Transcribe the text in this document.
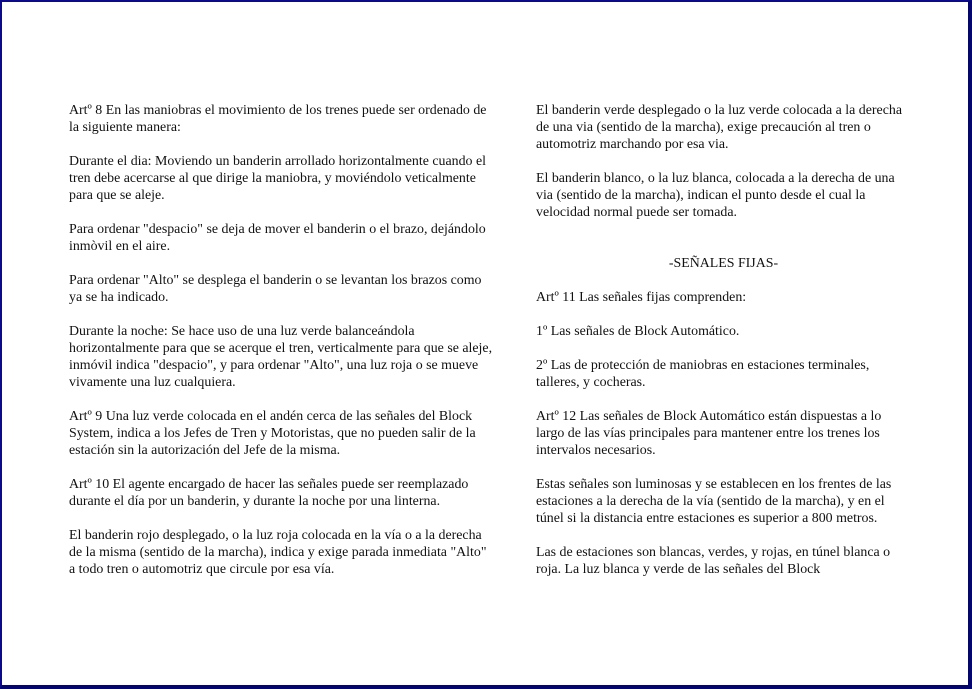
Artº 8 En las maniobras el movimiento de los trenes puede ser ordenado de la siguiente manera:

Durante el dia: Moviendo un banderin arrollado horizontalmente cuando el tren debe acercarse al que dirige la maniobra, y moviéndolo veticalmente para que se aleje.

Para ordenar "despacio" se deja de mover el banderin o el brazo, dejándolo inmòvil en el aire.

Para ordenar "Alto" se desplega el banderin o se levantan los brazos como ya se ha indicado.

Durante la noche: Se hace uso de una luz verde balanceándola horizontalmente para que se acerque el tren, verticalmente para que se aleje, inmóvil indica "despacio", y para ordenar "Alto", una luz roja o se mueve vivamente una luz cualquiera.

Artº 9 Una luz verde colocada en el andén cerca de las señales del Block System, indica a los Jefes de Tren y Motoristas, que no pueden salir de la estación sin la autorización del Jefe de la misma.

Artº 10 El agente encargado de hacer las señales puede ser reemplazado durante el día por un banderin, y durante la noche por una linterna.

El banderin rojo desplegado, o la luz roja colocada en la vía o a la derecha de la misma (sentido de la marcha), indica y exige parada inmediata "Alto" a todo tren o automotriz que circule por esa vía.

El banderin verde desplegado o la luz verde colocada a la derecha de una via (sentido de la marcha), exige precaución al tren o automotriz marchando por esa via.

El banderin blanco, o la luz blanca, colocada a la derecha de una via (sentido de la marcha), indican el punto desde el cual la velocidad normal puede ser tomada.

-SEÑALES FIJAS-

Artº 11 Las señales fijas comprenden:

1º Las señales de Block Automático.

2º Las de protección de maniobras en estaciones terminales, talleres, y cocheras.

Artº 12 Las señales de Block Automático están dispuestas a lo largo de las vías principales para mantener entre los trenes los intervalos necesarios.

Estas señales son luminosas y se establecen en los frentes de las estaciones a la derecha de la vía (sentido de la marcha), y en el túnel si la distancia entre estaciones es superior a 800 metros.

Las de estaciones son blancas, verdes, y rojas, en túnel blanca o roja. La luz blanca y verde de las señales del Block
